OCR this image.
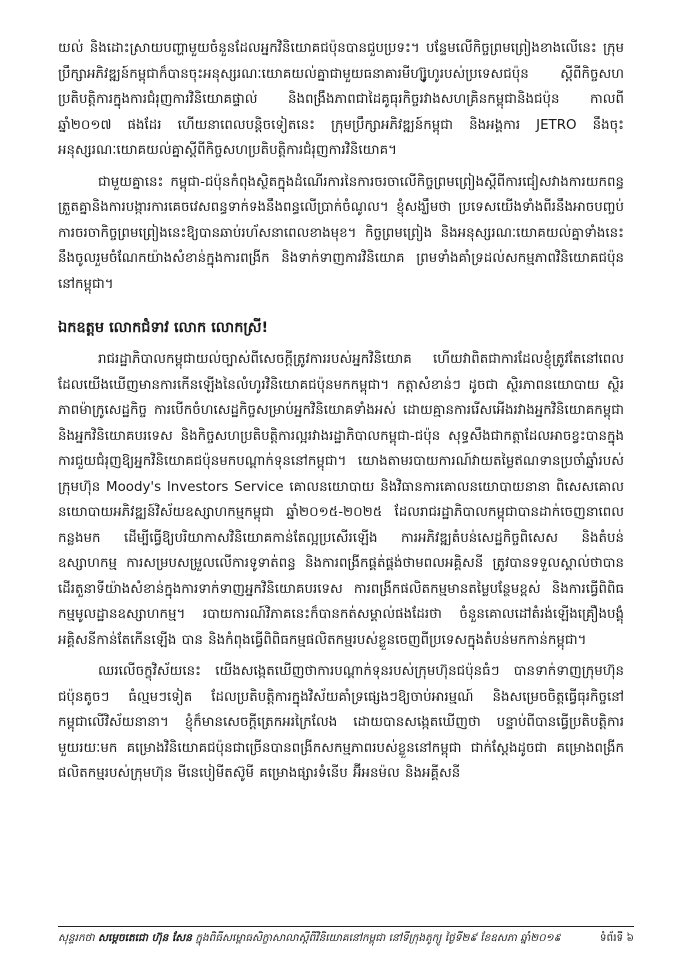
យល់ និងដោះស្រាយបញ្ហាមួយចំនួនដែលអ្នកវិនិយោគជប៉ុនបានជួបប្រទះ។ បន្ទែមលើកិច្ចព្រមព្រៀងខាងលើនេះ ក្រុមប្រឹក្សាអភិវឌ្ឍន៍កម្ពុជាក៏បានចុះអនុស្សរណៈយោគយល់គ្នាជាមួយធនាគារមីហ្ស៊ូហូរបស់ប្រទេសជប៉ុន ស្តីពីកិច្ចសហប្រតិបត្តិការក្នុងការជំរុញការវិនិយោគផ្ទាល់ និងពង្រឹងភាពជាដៃគូធុរកិច្ចរវាងសហគ្រិនកម្ពុជានិងជប៉ុន កាលពីឆ្នាំ២០១៧ ផងដែរ ហើយនាពេលបន្តិចទៀតនេះ ក្រុមប្រឹក្សាអភិវឌ្ឍន៍កម្ពុជា និងអង្គការ JETRO នឹងចុះអនុស្សរណៈយោគយល់គ្នាស្តីពីកិច្ចសហប្រតិបត្តិការជំរុញការវិនិយោគ។

ជាមួយគ្នានេះ កម្ពុជា-ជប៉ុនកំពុងស្ថិតក្នុងដំណើរការនៃការចរចាលើកិច្ចព្រមព្រៀងស្តីពីការជៀសវាងការយកពន្ធត្រួតគ្នានិងការបង្ការការគេចវេសពន្ធទាក់ទងនឹងពន្ធលើប្រាក់ចំណូល។ ខ្ញុំសង្ឃឹមថា ប្រទេសយើងទាំងពីរនឹងអាចបញ្ចប់ការចរចាកិច្ចព្រមព្រៀងនេះឱ្យបានឆាប់រហ័សនាពេលខាងមុខ។ កិច្ចព្រមព្រៀង និងអនុស្សរណៈយោគយល់គ្នាទាំងនេះ នឹងចូលរួមចំណែកយ៉ាងសំខាន់ក្នុងការពង្រីក និងទាក់ទាញការវិនិយោគ ព្រមទាំងគាំទ្រដល់សកម្មភាពវិនិយោគជប៉ុននៅកម្ពុជា។

ឯកឧត្តម លោកជំទាវ លោក លោកស្រី!

រាជរដ្ឋាភិបាលកម្ពុជាយល់ច្បាស់ពីសេចក្តីត្រូវការរបស់អ្នកវិនិយោគ ហើយវាពិតជាការដែលខ្ញុំត្រូវតែនៅពេលដែលយើងឃើញមានការកើនឡើងនៃលំហូរវិនិយោគជប៉ុនមកកម្ពុជា។ កត្តាសំខាន់ៗ ដូចជា ស្ថិរភាពនយោបាយ ស្ថិរភាពម៉ាក្រូសេដ្ឋកិច្ច ការបើកចំហសេដ្ឋកិច្ចសម្រាប់អ្នកវិនិយោគទាំងអស់ ដោយគ្មានការរើសអើងរវាងអ្នកវិនិយោគកម្ពុជា និងអ្នកវិនិយោគបរទេស និងកិច្ចសហប្រតិបត្តិការល្អរវាងរដ្ឋាភិបាលកម្ពុជា-ជប៉ុន សុទ្ធសឹងជាកត្តាដែលអាចខ្វះបានក្នុងការជួយជំរុញឱ្យអ្នកវិនិយោគជប៉ុនមកបណ្តាក់ទុននៅកម្ពុជា។ យោងតាមរបាយការណ៍វាយតម្លៃឥណទានប្រចាំឆ្នាំរបស់ក្រុមហ៊ុន Moody's Investors Service គោលនយោបាយ និងវិធានការគោលនយោបាយនានា ពិសេសគោលនយោបាយអភិវឌ្ឍន៍វិស័យឧស្សាហកម្មកម្ពុជា ឆ្នាំ២០១៥-២០២៥ ដែលរាជរដ្ឋាភិបាលកម្ពុជាបានដាក់ចេញនាពេលកន្លងមក ដើម្បីធ្វើឱ្យបរិយាកាសវិនិយោគកាន់តែល្អប្រសើរឡើង ការអភិវឌ្ឍតំបន់សេដ្ឋកិច្ចពិសេស និងតំបន់ឧស្សាហកម្ម ការសម្របសម្រួលលើការទូទាត់ពន្ធ និងការពង្រីកផ្គត់ផ្គង់ថាមពលអគ្គិសនី ត្រូវបានទទួលស្គាល់ថាបានដើរតួនាទីយ៉ាងសំខាន់ក្នុងការទាក់ទាញអ្នកវិនិយោគបរទេស ការពង្រីកផលិតកម្មមានតម្លៃបន្ថែមខ្ពស់ និងការធ្វើពិពិធកម្មមូលដ្ឋានឧស្សាហកម្ម។ របាយការណ៍វិភាគនេះក៏បានកត់សម្គាល់ផងដែរថា ចំនួនគោលដៅតំរង់ឡើងគ្រឿងបង្គុំអគ្គិសនីកាន់តែកើនឡើង បាន និងកំពុងធ្វើពិពិធកម្មផលិតកម្មរបស់ខ្លួនចេញពីប្រទេសក្នុងតំបន់មកកាន់កម្ពុជា។

ឈរលើចក្ខុវិស័យនេះ យើងសង្កេតឃើញថាការបណ្តាក់ទុនរបស់ក្រុមហ៊ុនជប៉ុនធំៗ បានទាក់ទាញក្រុមហ៊ុនជប៉ុនតូចៗ ធំល្មមៗទៀត ដែលប្រតិបត្តិការក្នុងវិស័យគាំទ្រផ្សេងៗឱ្យចាប់អារម្មណ៍ និងសម្រេចចិត្តធ្វើធុរកិច្ចនៅកម្ពុជាលើវិស័យនានា។ ខ្ញុំក៏មានសេចក្តីត្រេកអរក្រៃលែង ដោយបានសង្កេតឃើញថា បន្ទាប់ពីបានធ្វើប្រតិបត្តិការមួយរយៈមក គម្រោងវិនិយោគជប៉ុនជាច្រើនបានពង្រីកសកម្មភាពរបស់ខ្លួននៅកម្ពុជា ជាក់ស្តែងដូចជា គម្រោងពង្រីកផលិតកម្មរបស់ក្រុមហ៊ុន មីនេបៀមីតស៊ូមី គម្រោងផ្សារទំនើប អ៊ីអនម៉ល និងអគ្គីសនី

សុន្ទរកថា សម្តេចតេជោ ហ៊ុន សែន ក្នុងពិធីសម្ពោធសិក្ខាសាលាស្តីពីវិនិយោគនៅកម្ពុជា នៅទីក្រុងតូក្យូ ថ្ងៃទី២៩ ខែឧសភា ឆ្នាំ២០១៩	ទំព័រទី ៦
